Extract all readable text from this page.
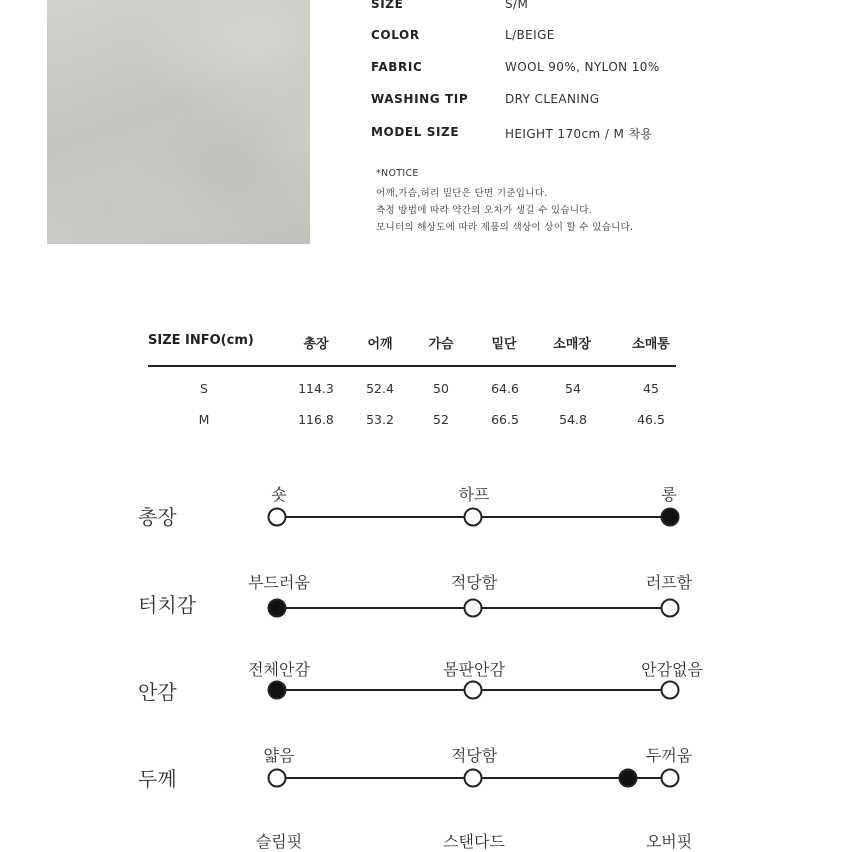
SIZE	S/M
COLOR	L/BEIGE
FABRIC	WOOL 90%, NYLON 10%
WASHING TIP	DRY CLEANING
MODEL SIZE	HEIGHT 170cm / M 착용
*NOTICE
어깨,가슴,허리 밑단은 단면 기준입니다.
측정 방법에 따라 약간의 오차가 생길 수 있습니다.
모니터의 해상도에 따라 제품의 색상이 상이 할 수 있습니다.
SIZE INFO(cm)	총장	어깨	가슴	밑단	소매장	소매통
S	114.3	52.4	50	64.6	54	45
M	116.8	53.2	52	66.5	54.8	46.5
총장
숏	하프	롱
터치감
부드러움	적당함	러프함
안감
전체안감	몸판안감	안감없음
두께
얇음	적당함	두꺼움
슬림핏	스탠다드	오버핏
